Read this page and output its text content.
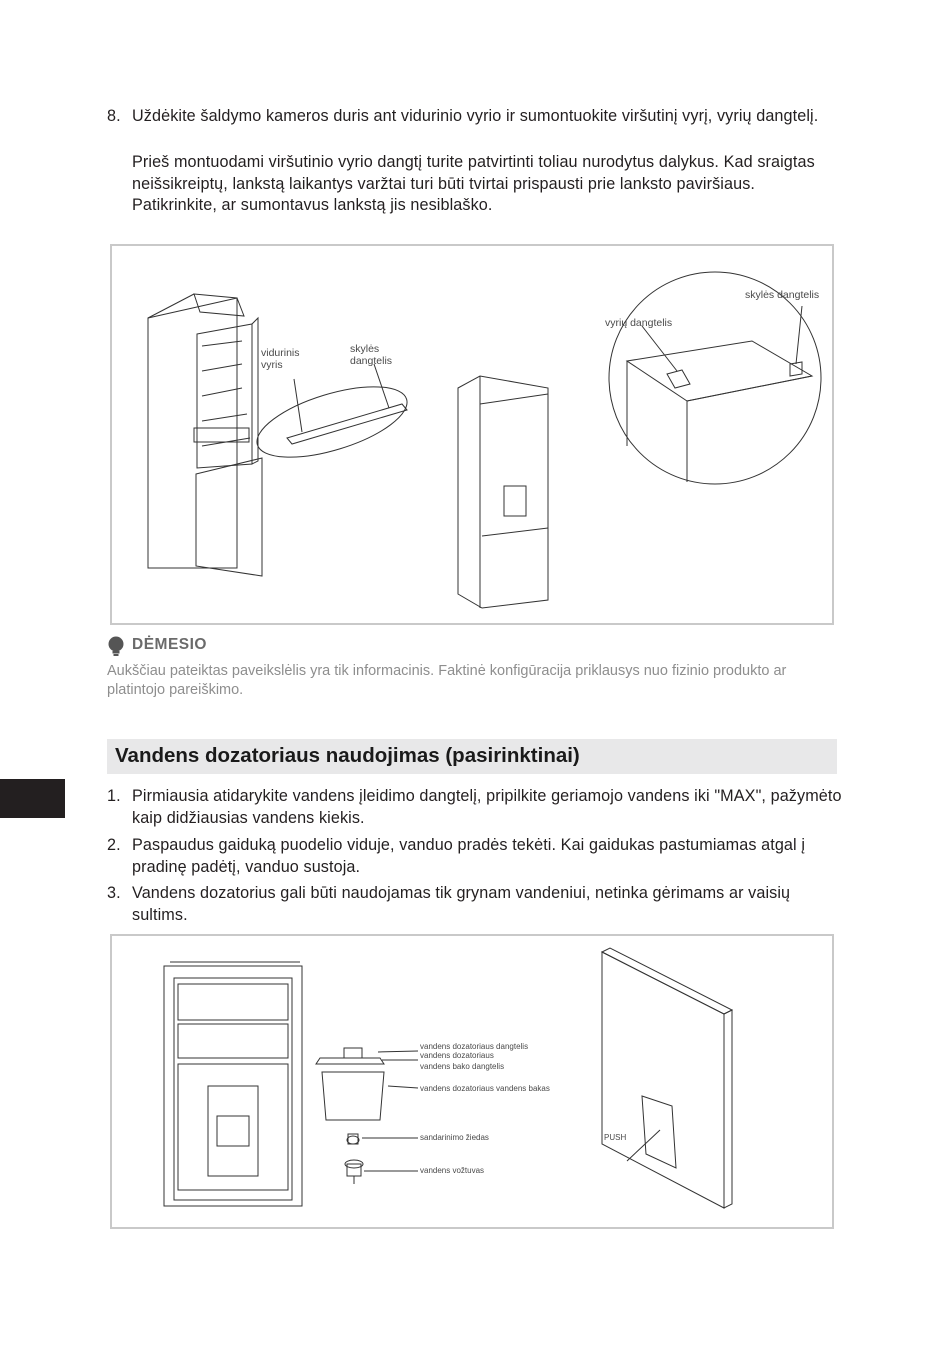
8. Uždėkite šaldymo kameros duris ant vidurinio vyrio ir sumontuokite viršutinį vyrį, vyrių dangtelį.
Prieš montuodami viršutinio vyrio dangtį turite patvirtinti toliau nurodytus dalykus. Kad sraigtas neišsikreiptų, lankstą laikantys varžtai turi būti tvirtai prispausti prie lankstо paviršiaus. Patikrinkite, ar sumontavus lankstą jis nesiblaško.
vidurinis
vyris
skylės
dangtelis
vyrių dangtelis
skylės dangtelis
DĖMESIO
Aukščiau pateiktas paveikslėlis yra tik informacinis. Faktinė konfigūracija priklausys nuo fizinio produkto ar platintojo pareiškimo.
Vandens dozatoriaus naudojimas (pasirinktinai)
1. Pirmiausia atidarykite vandens įleidimo dangtelį, pripilkite geriamojo vandens iki "MAX", pažymėto kaip didžiausias vandens kiekis.
2. Paspaudus gaiduką puodelio viduje, vanduo pradės tekėti. Kai gaidukas pastumiamas atgal į pradinę padėtį, vanduo sustoja.
3. Vandens dozatorius gali būti naudojamas tik grynam vandeniui, netinka gėrimams ar vaisių sultims.
vandens dozatoriaus dangtelis
vandens dozatoriaus
vandens bako dangtelis
vandens dozatoriaus vandens bakas
sandarinimo žiedas
vandens vožtuvas
PUSH
